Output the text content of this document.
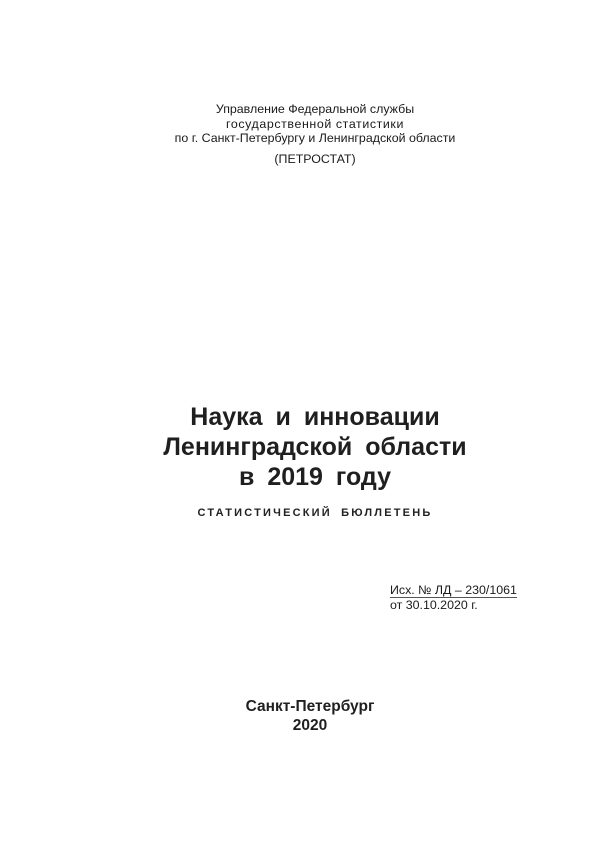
Управление Федеральной службы
государственной статистики
по г. Санкт-Петербургу и Ленинградской области
(ПЕТРОСТАТ)
Наука и инновации
Ленинградской области
в 2019 году
СТАТИСТИЧЕСКИЙ БЮЛЛЕТЕНЬ
Исх. № ЛД – 230/1061
от 30.10.2020 г.
Санкт-Петербург
2020
